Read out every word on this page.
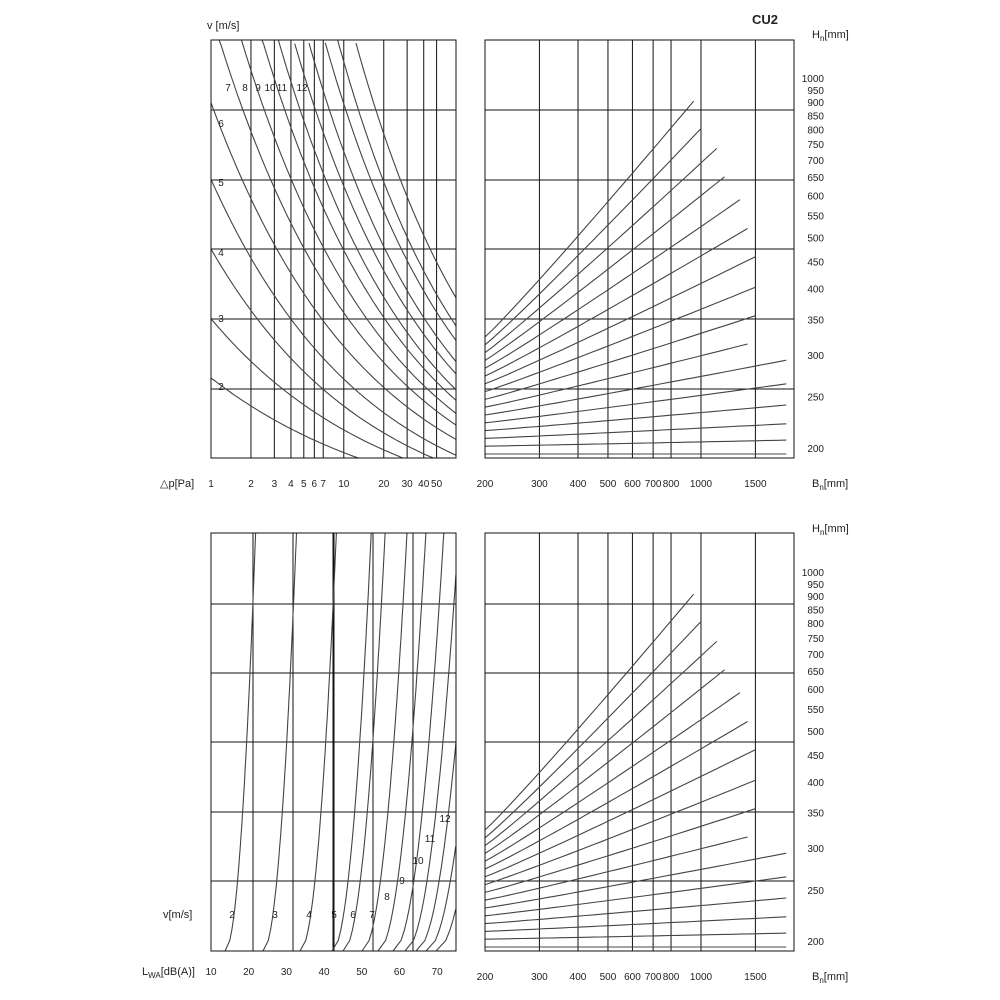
CU2
v [m/s]
△p[Pa] 1	2 3 4 5 6 7 10	20 30 40 50
2
3
4
5
6
7 8 9 10 11 12
$H_n[mm]$
$B_n[mm]$
200	300 400 500 600 700 800 1000	1500
200
250
300
350
400
450
500
550
600
650
700
750
800
850
900
950
1000
v[m/s]
$L_{WA}[dB(A)]$ 10	20	30	40	50	60	70
2	3	4 5 6 7
8
9
10
11
12
$H_n[mm]$
$B_n[mm]$
200	300 400 500 600 700 800 1000	1500
200
250
300
350
400
450
500
550
600
650
700
750
800
850
900
950
1000
